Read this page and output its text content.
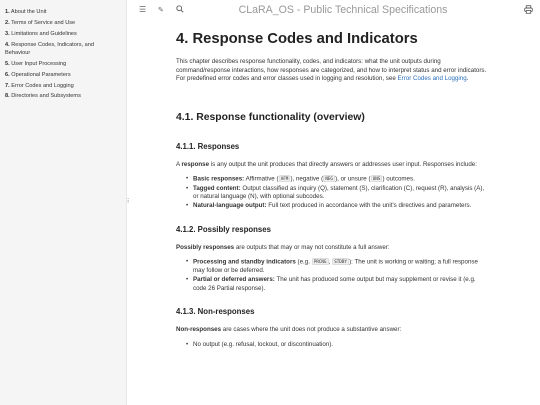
1. About the Unit
2. Terms of Service and Use
3. Limitations and Guidelines
4. Response Codes, Indicators, and Behaviour
5. User Input Processing
6. Operational Parameters
7. Error Codes and Logging
8. Directories and Subsystems
⁝
☰ ✎	CLaRA_OS - Public Technical Specifications
4. Response Codes and Indicators

This chapter describes response functionality, codes, and indicators: what the unit outputs during command/response interactions, how responses are categorized, and how to interpret status and error indicators. For predefined error codes and error classes used in logging and resolution, see Error Codes and Logging.

4.1. Response functionality (overview)
4.1.1. Responses

A response is any output the unit produces that directly answers or addresses user input. Responses include:

• Basic responses: Affirmative ( AFM ), negative ( NEG ), or unsure ( UNS ) outcomes.
• Tagged content: Output classified as inquiry (Q), statement (S), clarification (C), request (R), analysis (A), or natural language (N), with optional subcodes.
• Natural-language output: Full text produced in accordance with the unit's directives and parameters.
4.1.2. Possibly responses

Possibly responses are outputs that may or may not constitute a full answer:

• Processing and standby indicators (e.g. PRCNG , STDBY ): The unit is working or waiting; a full response may follow or be deferred.
• Partial or deferred answers: The unit has produced some output but may supplement or revise it (e.g. code 26 Partial response).
4.1.3. Non-responses

Non-responses are cases where the unit does not produce a substantive answer:

• No output (e.g. refusal, lockout, or discontinuation).
